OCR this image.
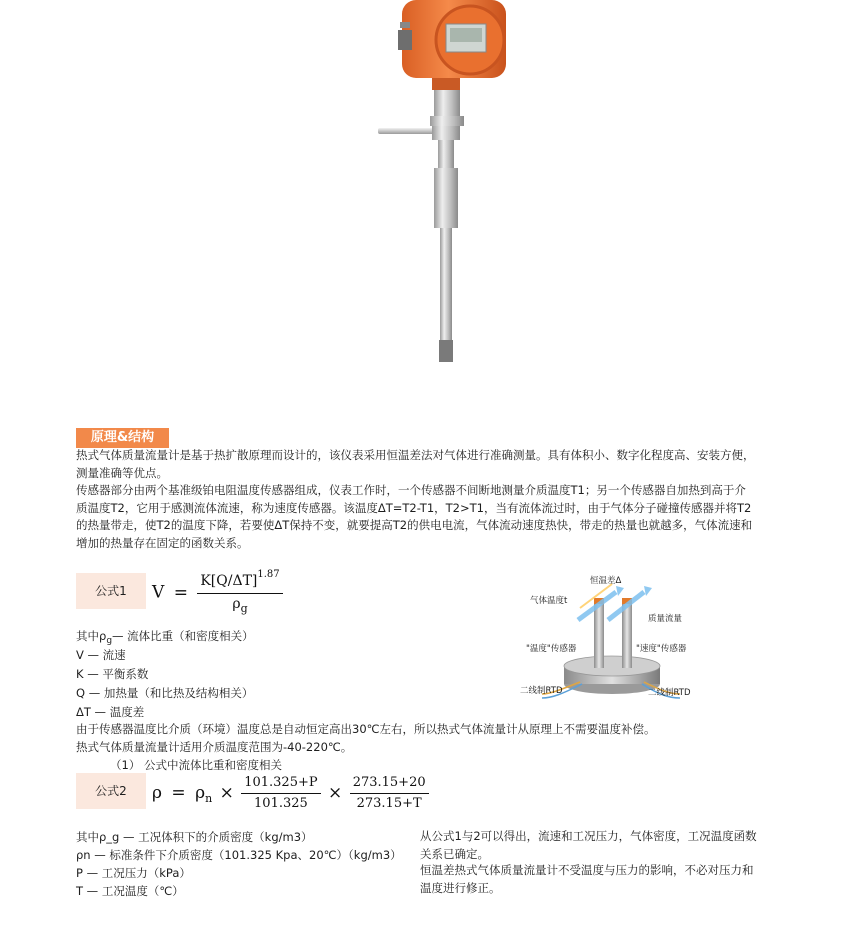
原理&结构
热式气体质量流量计是基于热扩散原理而设计的，该仪表采用恒温差法对气体进行准确测量。具有体积小、数字化程度高、安装方便，测量准确等优点。
传感器部分由两个基准级铂电阻温度传感器组成，仪表工作时，一个传感器不间断地测量介质温度T1；另一个传感器自加热到高于介质温度T2，它用于感测流体流速，称为速度传感器。该温度ΔT=T2-T1，T2>T1，当有流体流过时，由于气体分子碰撞传感器并将T2的热量带走，使T2的温度下降，若要使ΔT保持不变，就要提高T2的供电电流，气体流动速度热快，带走的热量也就越多，气体流速和增加的热量存在固定的函数关系。
公式1	$V = \frac{K[Q/\Delta T]^{1.87}}{\rho_g}$
其中$\rho_g—$ 流体比重（和密度相关）
V — 流速
K — 平衡系数
Q — 加热量（和比热及结构相关）
ΔT — 温度差
由于传感器温度比介质（环境）温度总是自动恒定高出30℃左右，所以热式气体流量计从原理上不需要温度补偿。
热式气体质量流量计适用介质温度范围为-40-220℃。
（1） 公式中流体比重和密度相关
公式2	$\rho = \rho_n \times \frac{101.325+P}{101.325} \times \frac{273.15+20}{273.15+T}$
其中ρ_g — 工况体积下的介质密度（kg/m3）
ρn — 标准条件下介质密度（101.325 Kpa、20℃）（kg/m3）
P — 工况压力（kPa）
T — 工况温度（℃）
从公式1与2可以得出，流速和工况压力，气体密度，工况温度函数关系已确定。
恒温差热式气体质量流量计不受温度与压力的影响，不必对压力和温度进行修正。
恒温差Δ
气体温度t
质量流量
"温度"传感器	"速度"传感器
二线制RTD	二线制RTD
